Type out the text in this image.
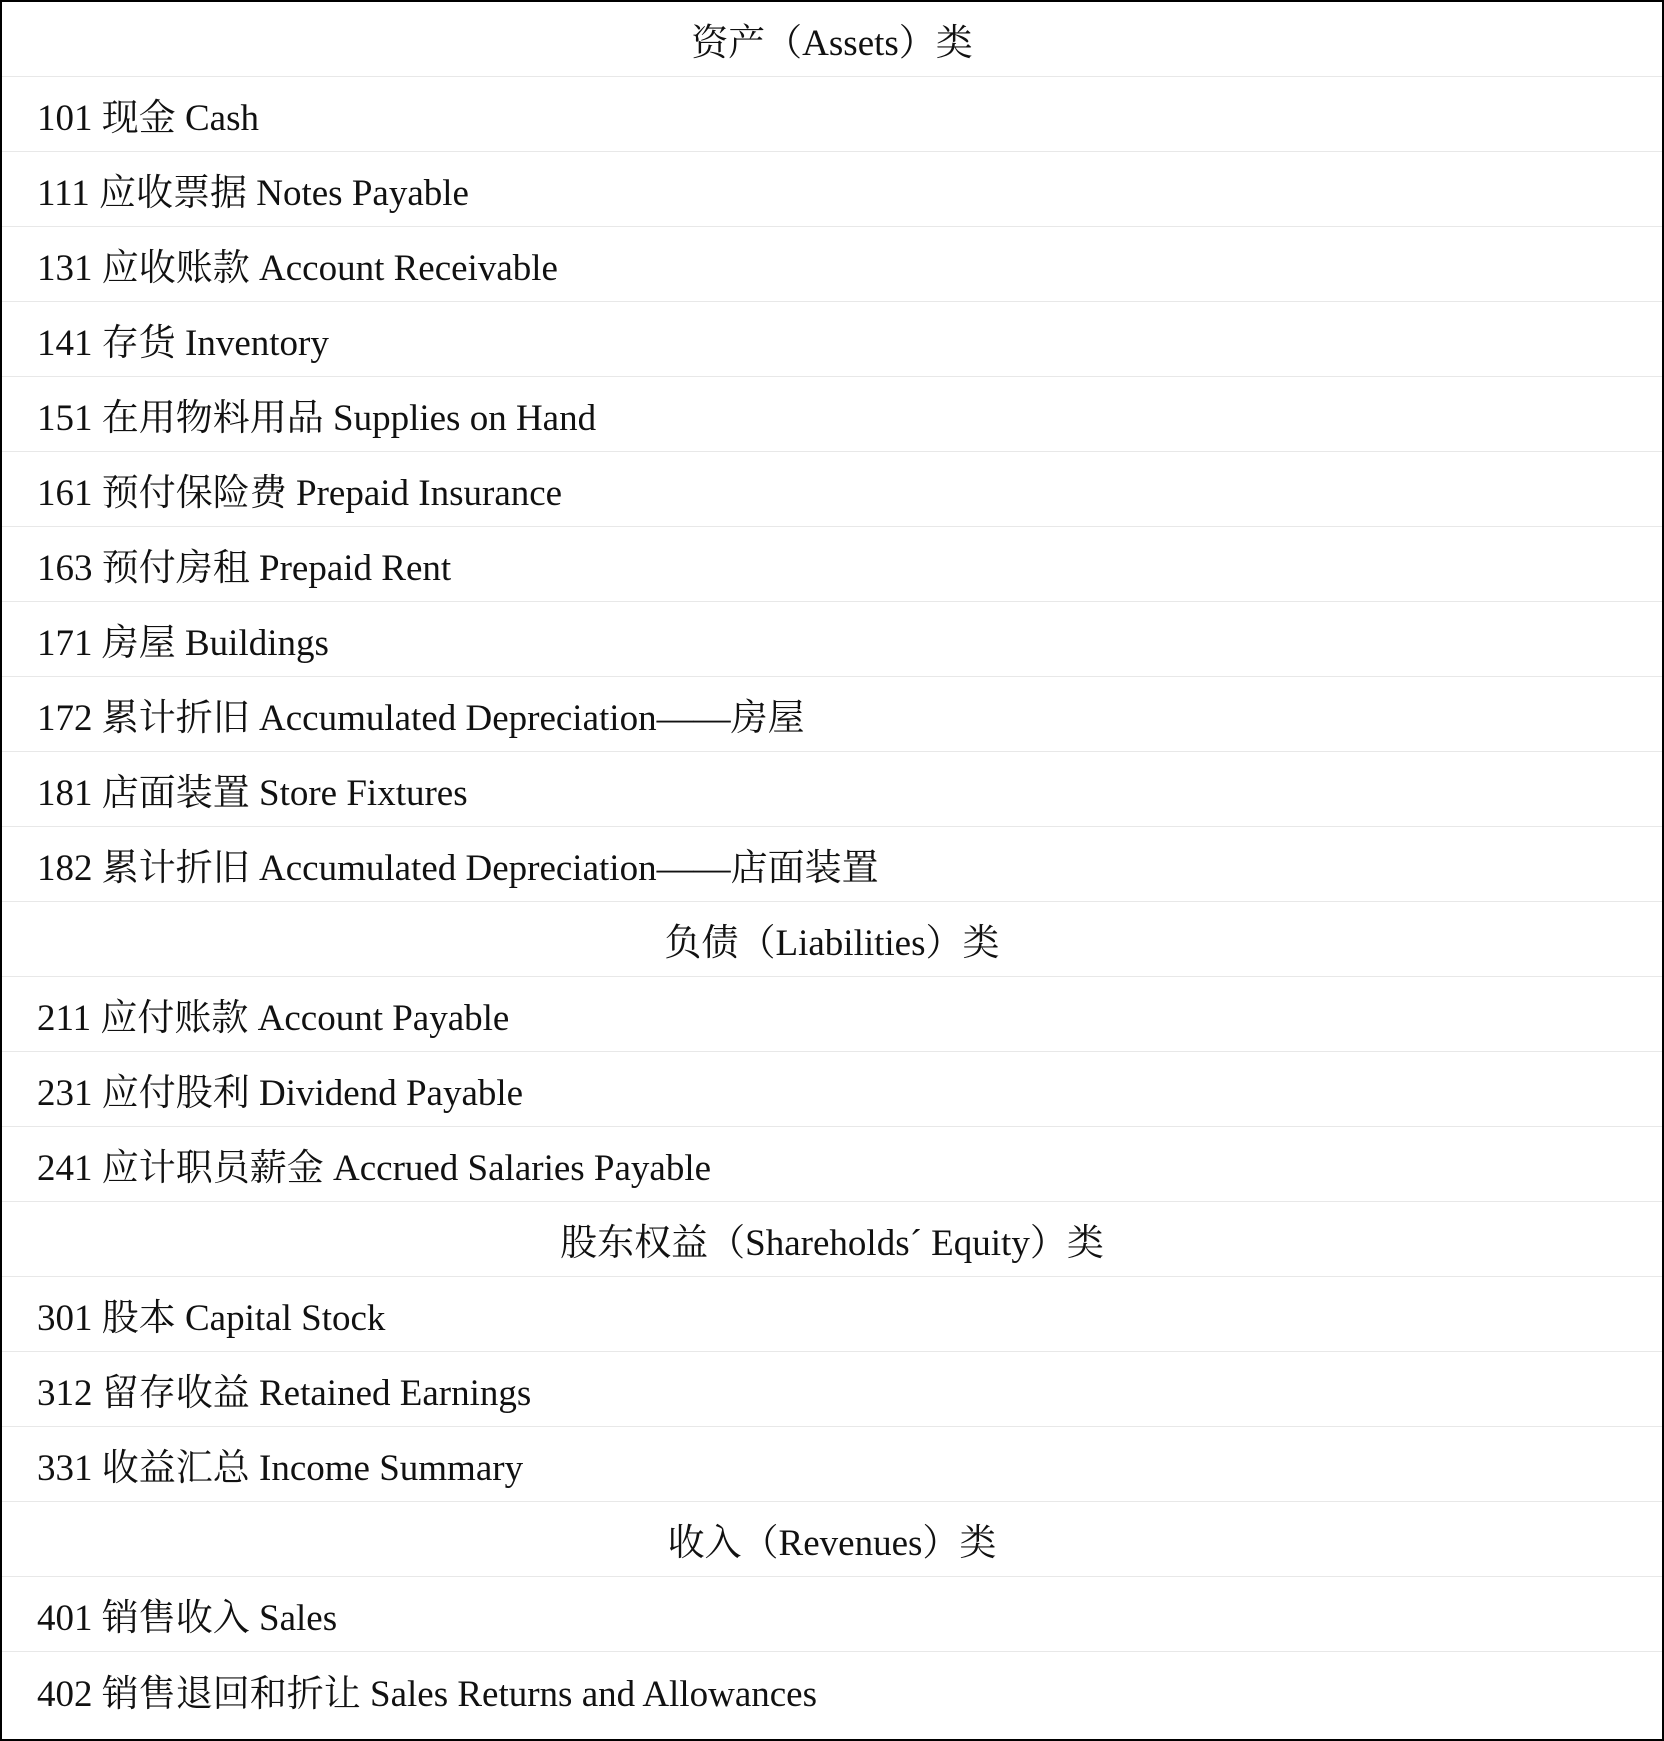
资产（Assets）类
101 现金 Cash
111 应收票据 Notes Payable
131 应收账款 Account Receivable
141 存货 Inventory
151 在用物料用品 Supplies on Hand
161 预付保险费 Prepaid Insurance
163 预付房租 Prepaid Rent
171 房屋 Buildings
172 累计折旧 Accumulated Depreciation——房屋
181 店面装置 Store Fixtures
182 累计折旧 Accumulated Depreciation——店面装置
负债（Liabilities）类
211 应付账款 Account Payable
231 应付股利 Dividend Payable
241 应计职员薪金 Accrued Salaries Payable
股东权益（Shareholds´ Equity）类
301 股本 Capital Stock
312 留存收益 Retained Earnings
331 收益汇总 Income Summary
收入（Revenues）类
401 销售收入 Sales
402 销售退回和折让 Sales Returns and Allowances
